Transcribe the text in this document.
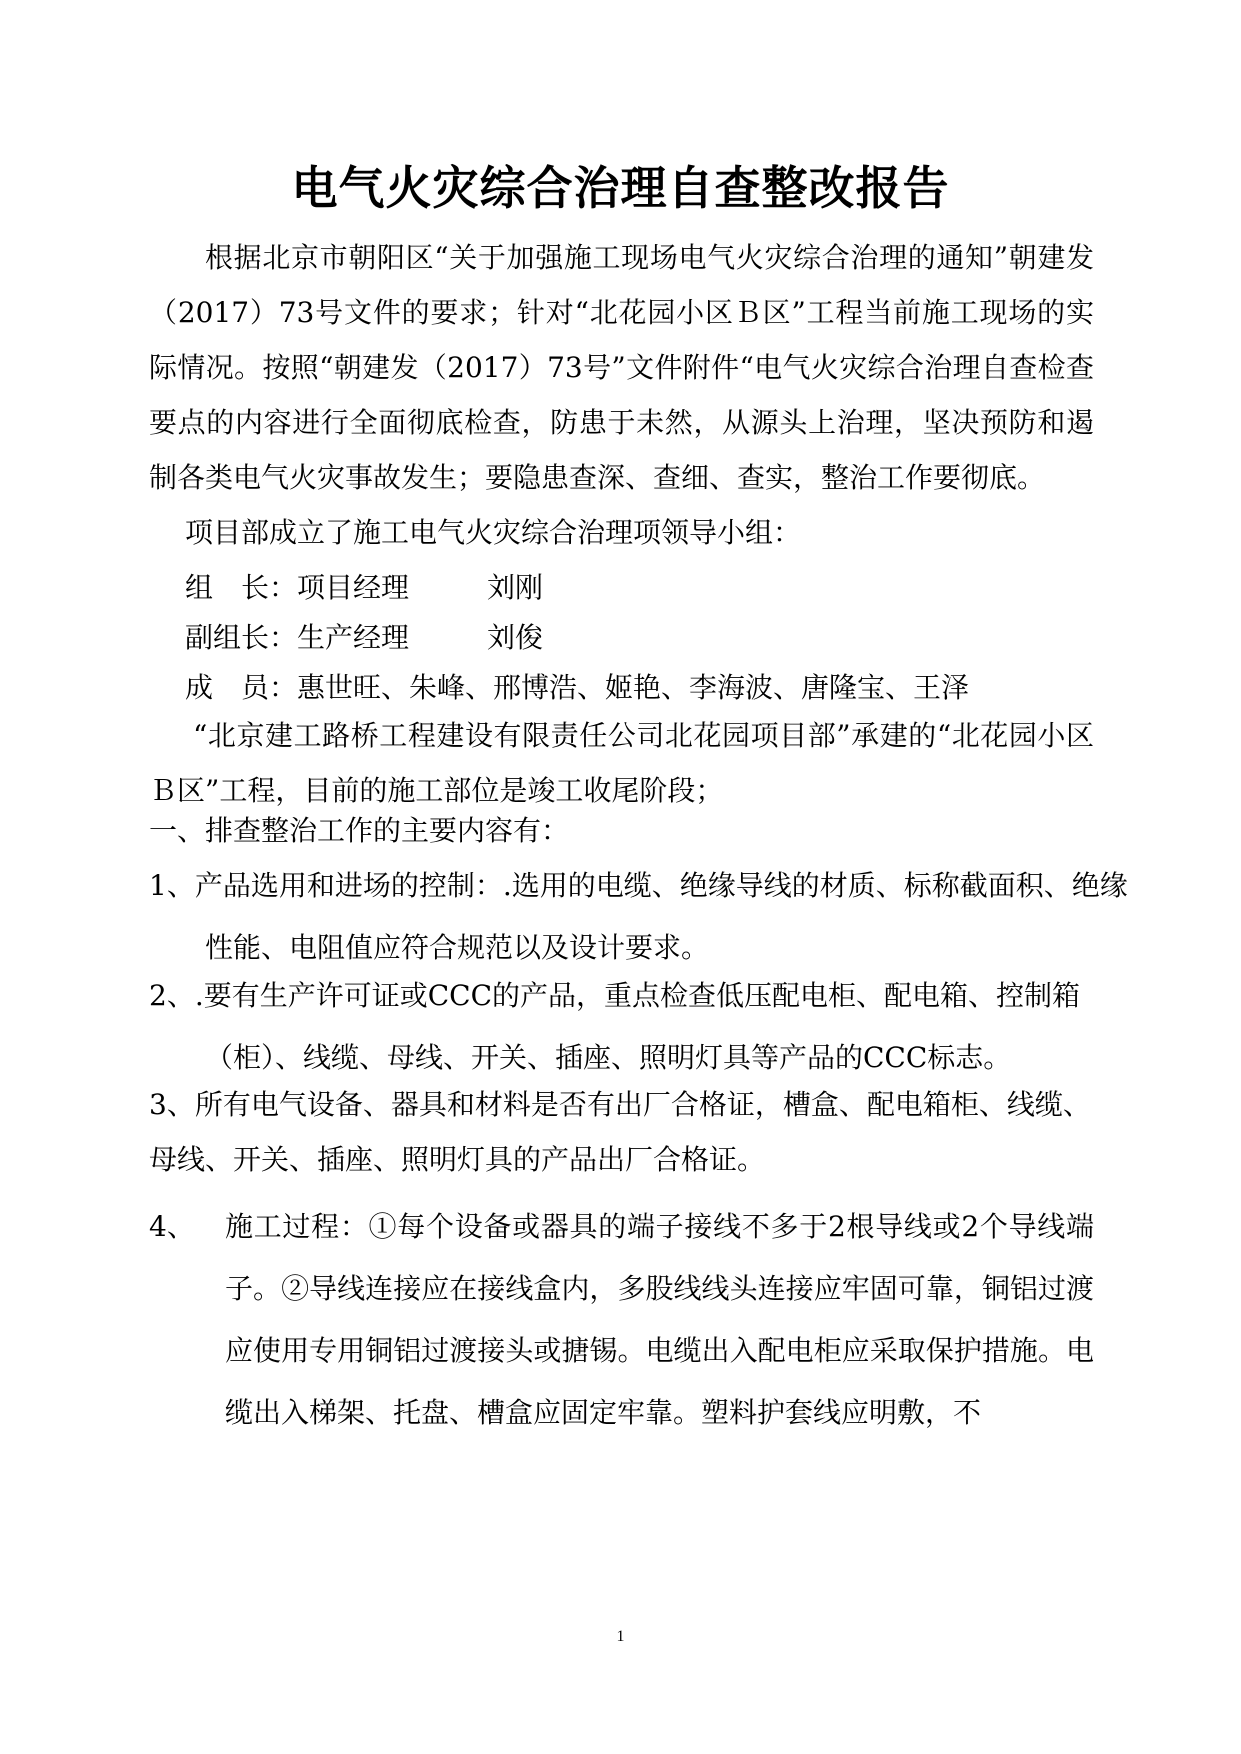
电气火灾综合治理自查整改报告

根据北京市朝阳区“关于加强施工现场电气火灾综合治理的通知”朝建发（2017）73号文件的要求；针对“北花园小区Ｂ区”工程当前施工现场的实际情况。按照“朝建发（2017）73号”文件附件“电气火灾综合治理自查检查要点的内容进行全面彻底检查，防患于未然，从源头上治理，坚决预防和遏制各类电气火灾事故发生；要隐患查深、查细、查实，整治工作要彻底。

项目部成立了施工电气火灾综合治理项领导小组：
组　长：项目经理	刘刚
副组长：生产经理	刘俊
成　员：惠世旺、朱峰、邢博浩、姬艳、李海波、唐隆宝、王泽

“北京建工路桥工程建设有限责任公司北花园项目部”承建的“北花园小区Ｂ区”工程，目前的施工部位是竣工收尾阶段；

一、排查整治工作的主要内容有：

1、产品选用和进场的控制：.选用的电缆、绝缘导线的材质、标称截面积、绝缘性能、电阻值应符合规范以及设计要求。

2、.要有生产许可证或CCC的产品，重点检查低压配电柜、配电箱、控制箱（柜）、线缆、母线、开关、插座、照明灯具等产品的CCC标志。

3、所有电气设备、器具和材料是否有出厂合格证，槽盒、配电箱柜、线缆、母线、开关、插座、照明灯具的产品出厂合格证。

4、 施工过程：①每个设备或器具的端子接线不多于2根导线或2个导线端子。②导线连接应在接线盒内，多股线线头连接应牢固可靠，铜铝过渡应使用专用铜铝过渡接头或搪锡。电缆出入配电柜应采取保护措施。电缆出入梯架、托盘、槽盒应固定牢靠。塑料护套线应明敷，不
1
